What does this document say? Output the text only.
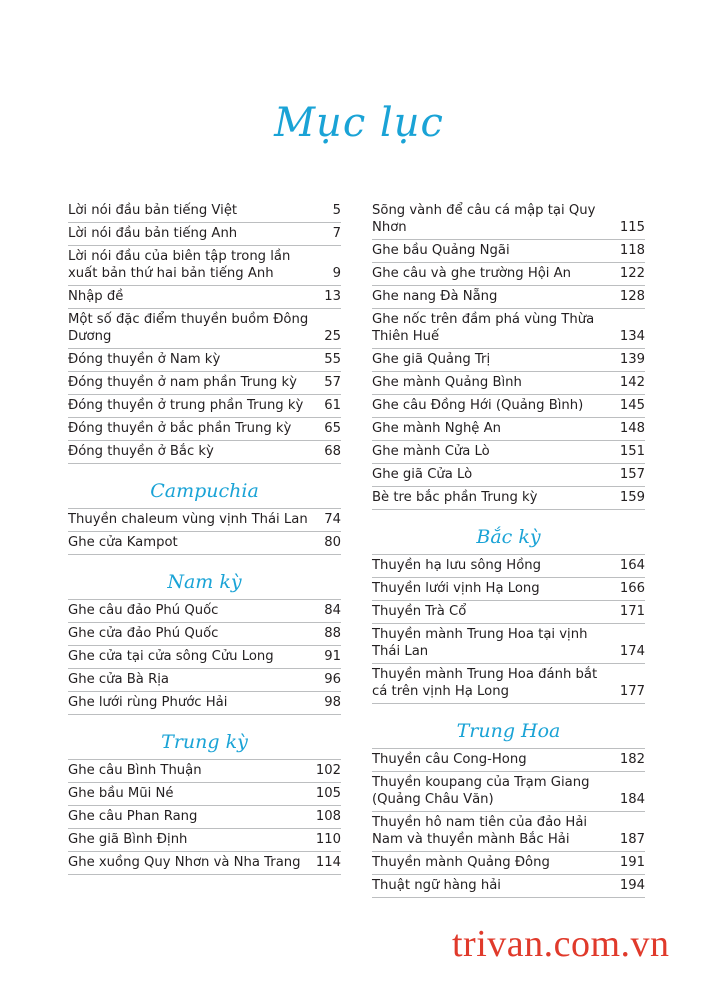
Mục lục
Lời nói đầu bản tiếng Việt	5
Lời nói đầu bản tiếng Anh	7
Lời nói đầu của biên tập trong lần xuất bản thứ hai bản tiếng Anh	9
Nhập đề	13
Một số đặc điểm thuyền buồm Đông Dương	25
Đóng thuyền ở Nam kỳ	55
Đóng thuyền ở nam phần Trung kỳ	57
Đóng thuyền ở trung phần Trung kỳ	61
Đóng thuyền ở bắc phần Trung kỳ	65
Đóng thuyền ở Bắc kỳ	68
Campuchia
Thuyền chaleum vùng vịnh Thái Lan	74
Ghe cửa Kampot	80
Nam kỳ
Ghe câu đảo Phú Quốc	84
Ghe cửa đảo Phú Quốc	88
Ghe cửa tại cửa sông Cửu Long	91
Ghe cửa Bà Rịa	96
Ghe lưới rùng Phước Hải	98
Trung kỳ
Ghe câu Bình Thuận	102
Ghe bầu Mũi Né	105
Ghe câu Phan Rang	108
Ghe giã Bình Định	110
Ghe xuồng Quy Nhơn và Nha Trang	114
Sõng vành để câu cá mập tại Quy Nhơn	115
Ghe bầu Quảng Ngãi	118
Ghe câu và ghe trường Hội An	122
Ghe nang Đà Nẵng	128
Ghe nốc trên đầm phá vùng Thừa Thiên Huế	134
Ghe giã Quảng Trị	139
Ghe mành Quảng Bình	142
Ghe câu Đồng Hới (Quảng Bình)	145
Ghe mành Nghệ An	148
Ghe mành Cửa Lò	151
Ghe giã Cửa Lò	157
Bè tre bắc phần Trung kỳ	159
Bắc kỳ
Thuyền hạ lưu sông Hồng	164
Thuyền lưới vịnh Hạ Long	166
Thuyền Trà Cổ	171
Thuyền mành Trung Hoa tại vịnh Thái Lan	174
Thuyền mành Trung Hoa đánh bắt cá trên vịnh Hạ Long	177
Trung Hoa
Thuyền câu Cong-Hong	182
Thuyền koupang của Trạm Giang (Quảng Châu Văn)	184
Thuyền hô nam tiên của đảo Hải Nam và thuyền mành Bắc Hải	187
Thuyền mành Quảng Đông	191
Thuật ngữ hàng hải	194
trivan.com.vn
